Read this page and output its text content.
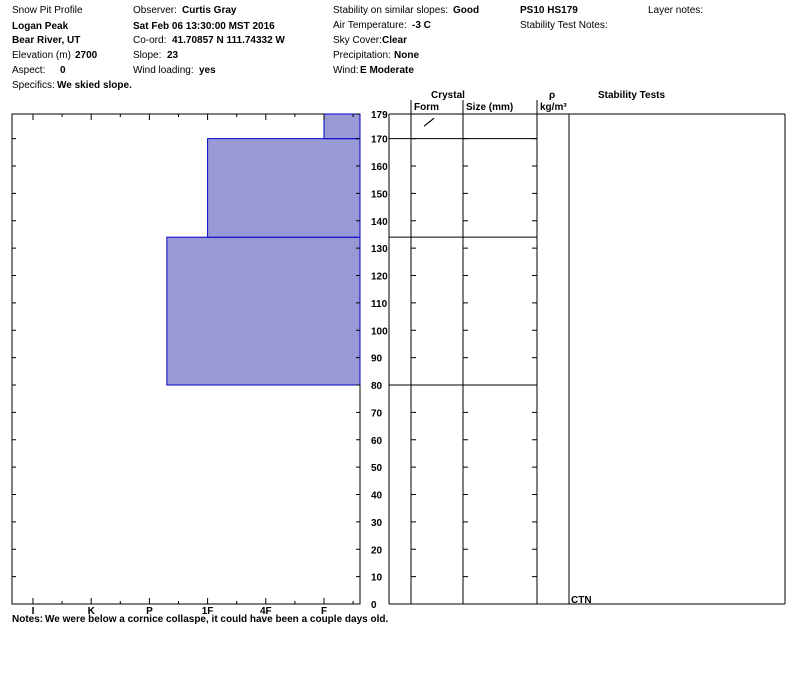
Snow Pit Profile
Logan Peak
Bear River, UT
Elevation (m) 2700
Aspect: 0
Specifics: We skied slope.
Observer: Curtis Gray
Sat Feb 06 13:30:00 MST 2016
Co-ord: 41.70857 N 111.74332 W
Slope: 23
Wind loading: yes
Stability on similar slopes: Good
Air Temperature: -3 C
Sky Cover: Clear
Precipitation: None
Wind: E Moderate
PS10 HS179
Stability Test Notes:
Layer notes:
Crystal
Form	Size (mm)
ρ
kg/m³
Stability Tests
I	K	P	1F	4F	F
0
10
20
30
40
50
60
70
80
90
100
110
120
130
140
150
160
170
179
CTN
Notes: We were below a cornice collaspe, it could have been a couple days old.
